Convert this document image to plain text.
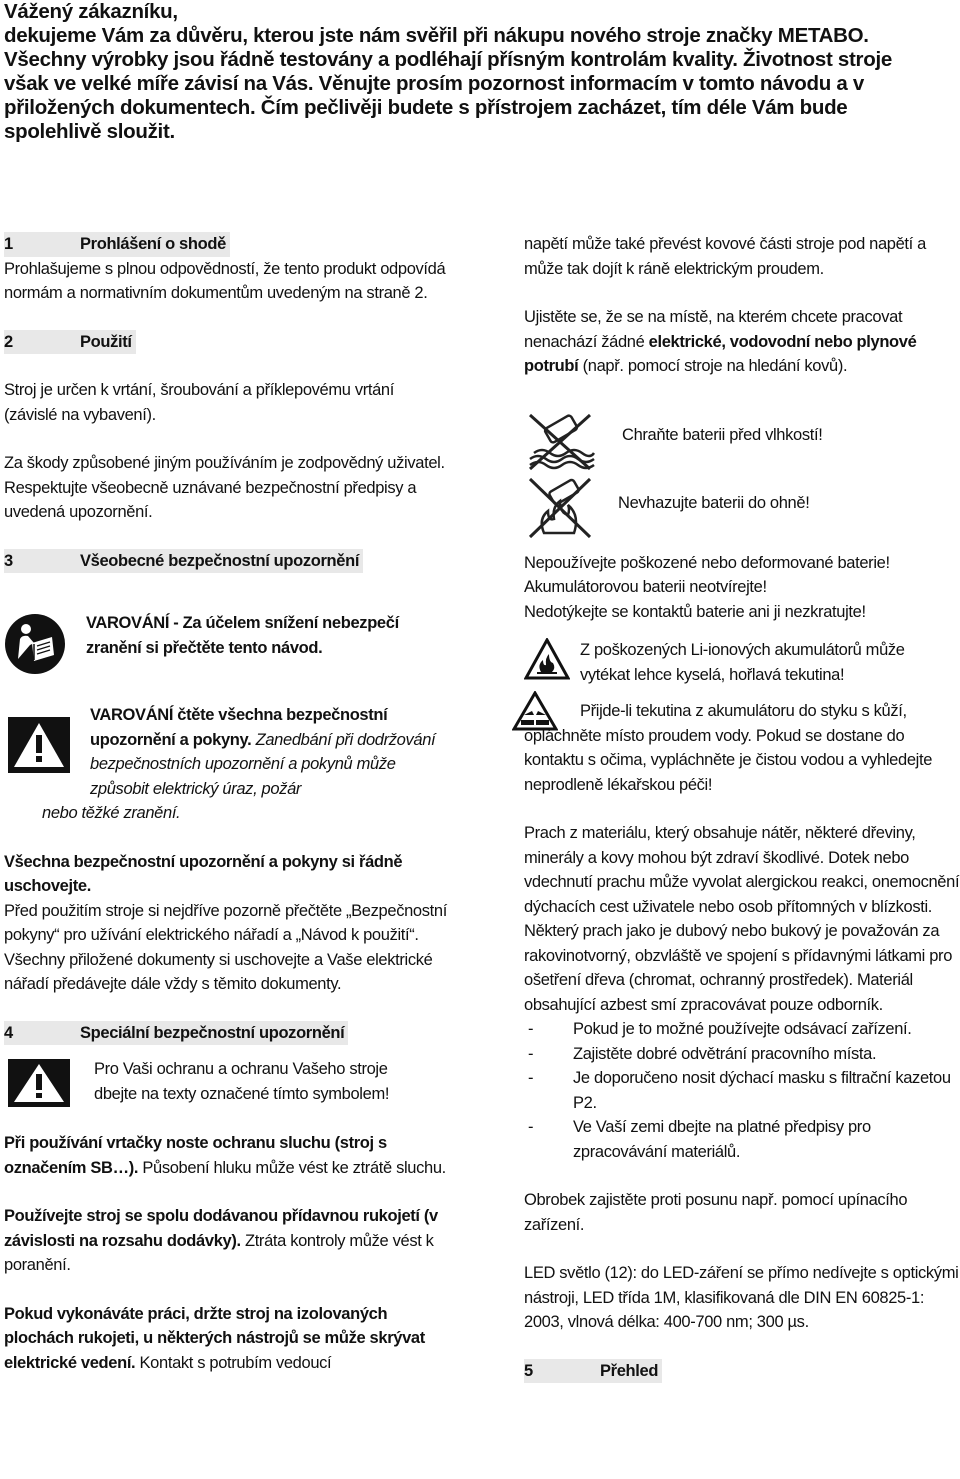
Vážený zákazníku,

dekujeme Vám za důvěru, kterou jste nám svěřil při nákupu nového stroje značky METABO.

Všechny výrobky jsou řádně testovány a podléhají přísným kontrolám kvality. Životnost stroje

však ve velké míře závisí na Vás. Věnujte prosím pozornost informacím v tomto návodu a v

přiložených dokumentech. Čím pečlivěji budete s přístrojem zacházet, tím déle Vám bude

spolehlivě sloužit.

1	Prohlášení o shodě

Prohlašujeme s plnou odpovědností, že tento produkt odpovídá normám a normativním dokumentům uvedeným na straně 2.

2	Použití

Stroj je určen k vrtání, šroubování a příklepovému vrtání (závislé na vybavení).

Za škody způsobené jiným používáním je zodpovědný uživatel.

Respektujte všeobecně uznávané bezpečnostní předpisy a uvedená upozornění.

3	Všeobecné bezpečnostní upozornění

VAROVÁNÍ - Za účelem snížení nebezpečí zranění si přečtěte tento návod.

VAROVÁNÍ čtěte všechna bezpečnostní upozornění a pokyny. Zanedbání při dodržování bezpečnostních upozornění a pokynů může způsobit elektrický úraz, požár

nebo těžké zranění.

Všechna bezpečnostní upozornění a pokyny si řádně uschovejte.

Před použitím stroje si nejdříve pozorně přečtěte „Bezpečnostní pokyny“ pro užívání elektrického nářadí a „Návod k použití“. Všechny přiložené dokumenty si uschovejte a Vaše elektrické nářadí předávejte dále vždy s těmito dokumenty.

4	Speciální bezpečnostní upozornění

Pro Vaši ochranu a ochranu Vašeho stroje dbejte na texty označené tímto symbolem!

Při používání vrtačky noste ochranu sluchu (stroj s označením SB…). Působení hluku může vést ke ztrátě sluchu.

Používejte stroj se spolu dodávanou přídavnou rukojetí (v závislosti na rozsahu dodávky). Ztráta kontroly může vést k poranění.

Pokud vykonáváte práci, držte stroj na izolovaných plochách rukojeti, u některých nástrojů se může skrývat elektrické vedení. Kontakt s potrubím vedoucí

napětí může také převést kovové části stroje pod napětí a může tak dojít k ráně elektrickým proudem.

Ujistěte se, že se na místě, na kterém chcete pracovat nenachází žádné elektrické, vodovodní nebo plynové potrubí (např. pomocí stroje na hledání kovů).

Chraňte baterii před vlhkostí!

Nevhazujte baterii do ohně!

Nepoužívejte poškozené nebo deformované baterie!

Akumulátorovou baterii neotvírejte!

Nedotýkejte se kontaktů baterie ani ji nezkratujte!

Z poškozených Li-ionových akumulátorů může vytékat lehce kyselá, hořlavá tekutina!

Přijde-li tekutina z akumulátoru do styku s kůží, opláchněte místo proudem vody. Pokud se dostane do kontaktu s očima, vypláchněte je čistou vodou a vyhledejte neprodleně lékařskou péči!

Prach z materiálu, který obsahuje nátěr, některé dřeviny, minerály a kovy mohou být zdraví škodlivé. Dotek nebo vdechnutí prachu může vyvolat alergickou reakci, onemocnění dýchacích cest uživatele nebo osob přítomných v blízkosti.

Některý prach jako je dubový nebo bukový je považován za rakovinotvorný, obzvláště ve spojení s přídavnými látkami pro ošetření dřeva (chromat, ochranný prostředek). Materiál obsahující azbest smí zpracovávat pouze odborník.

-	Pokud je to možné používejte odsávací zařízení.
-	Zajistěte dobré odvětrání pracovního místa.
-	Je doporučeno nosit dýchací masku s filtrační kazetou P2.
-	Ve Vaší zemi dbejte na platné předpisy pro zpracovávání materiálů.

Obrobek zajistěte proti posunu např. pomocí upínacího zařízení.

LED světlo (12): do LED-záření se přímo nedívejte s optickými nástroji, LED třída 1M, klasifikovaná dle DIN EN 60825-1: 2003, vlnová délka: 400-700 nm; 300 µs.

5	Přehled
